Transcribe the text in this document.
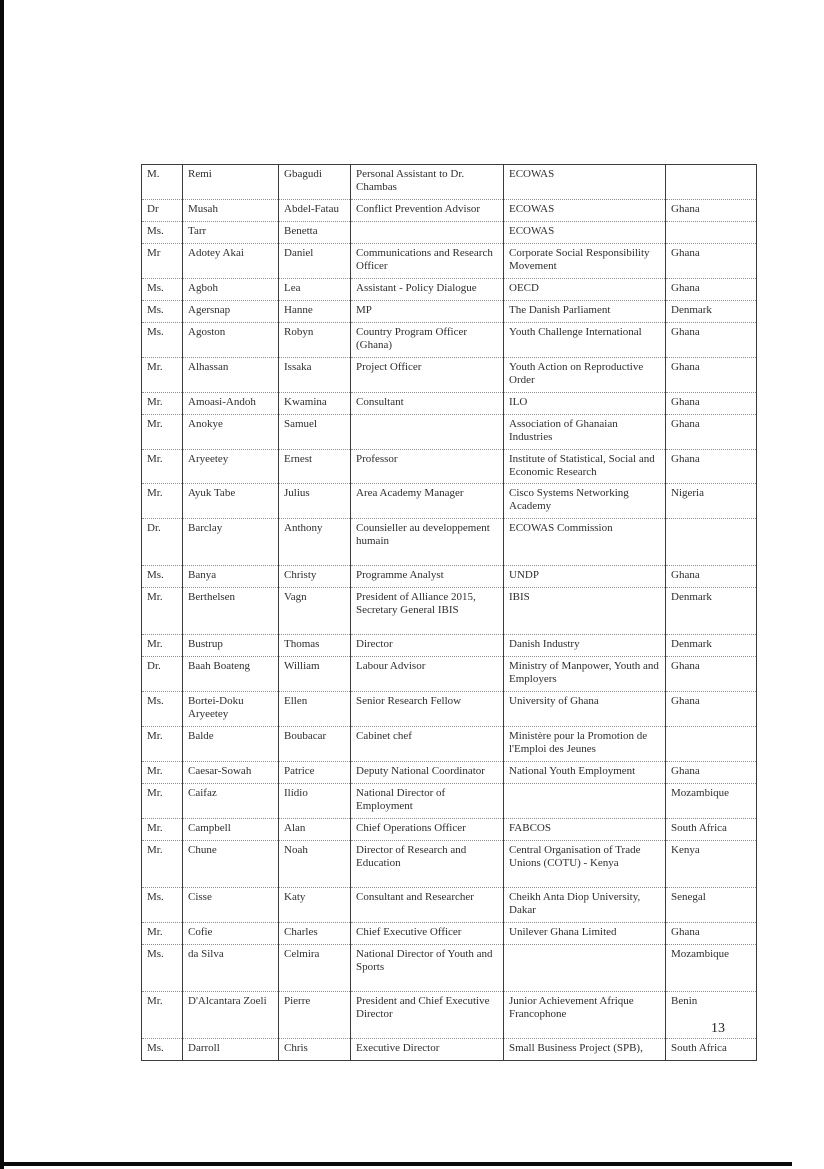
M.	Remi	Gbagudi	Personal Assistant to Dr. Chambas	ECOWAS	
Dr	Musah	Abdel-Fatau	Conflict Prevention Advisor	ECOWAS	Ghana
Ms.	Tarr	Benetta		ECOWAS	
Mr	Adotey Akai	Daniel	Communications and Research Officer	Corporate Social Responsibility Movement	Ghana
Ms.	Agboh	Lea	Assistant - Policy Dialogue	OECD	Ghana
Ms.	Agersnap	Hanne	MP	The Danish Parliament	Denmark
Ms.	Agoston	Robyn	Country Program Officer (Ghana)	Youth Challenge International	Ghana
Mr.	Alhassan	Issaka	Project Officer	Youth Action on Reproductive Order	Ghana
Mr.	Amoasi-Andoh	Kwamina	Consultant	ILO	Ghana
Mr.	Anokye	Samuel		Association of Ghanaian Industries	Ghana
Mr.	Aryeetey	Ernest	Professor	Institute of Statistical, Social and Economic Research	Ghana
Mr.	Ayuk Tabe	Julius	Area Academy Manager	Cisco Systems Networking Academy	Nigeria
Dr.	Barclay	Anthony	Counsieller au developpement humain	ECOWAS Commission	
Ms.	Banya	Christy	Programme Analyst	UNDP	Ghana
Mr.	Berthelsen	Vagn	President of Alliance 2015, Secretary General IBIS	IBIS	Denmark
Mr.	Bustrup	Thomas	Director	Danish Industry	Denmark
Dr.	Baah Boateng	William	Labour Advisor	Ministry of Manpower, Youth and Employers	Ghana
Ms.	Bortei-Doku Aryeetey	Ellen	Senior Research Fellow	University of Ghana	Ghana
Mr.	Balde	Boubacar	Cabinet chef	Ministère pour la Promotion de l'Emploi des Jeunes	
Mr.	Caesar-Sowah	Patrice	Deputy National Coordinator	National Youth Employment	Ghana
Mr.	Caifaz	Ilídio	National Director of Employment		Mozambique
Mr.	Campbell	Alan	Chief Operations Officer	FABCOS	South Africa
Mr.	Chune	Noah	Director of Research and Education	Central Organisation of Trade Unions (COTU) - Kenya	Kenya
Ms.	Cisse	Katy	Consultant and Researcher	Cheikh Anta Diop University, Dakar	Senegal
Mr.	Cofie	Charles	Chief Executive Officer	Unilever Ghana Limited	Ghana
Ms.	da Silva	Celmira	National Director of Youth and Sports		Mozambique
Mr.	D'Alcantara Zoeli	Pierre	President and Chief Executive Director	Junior Achievement Afrique Francophone	Benin
Ms.	Darroll	Chris	Executive Director	Small Business Project (SPB),	South Africa
13
